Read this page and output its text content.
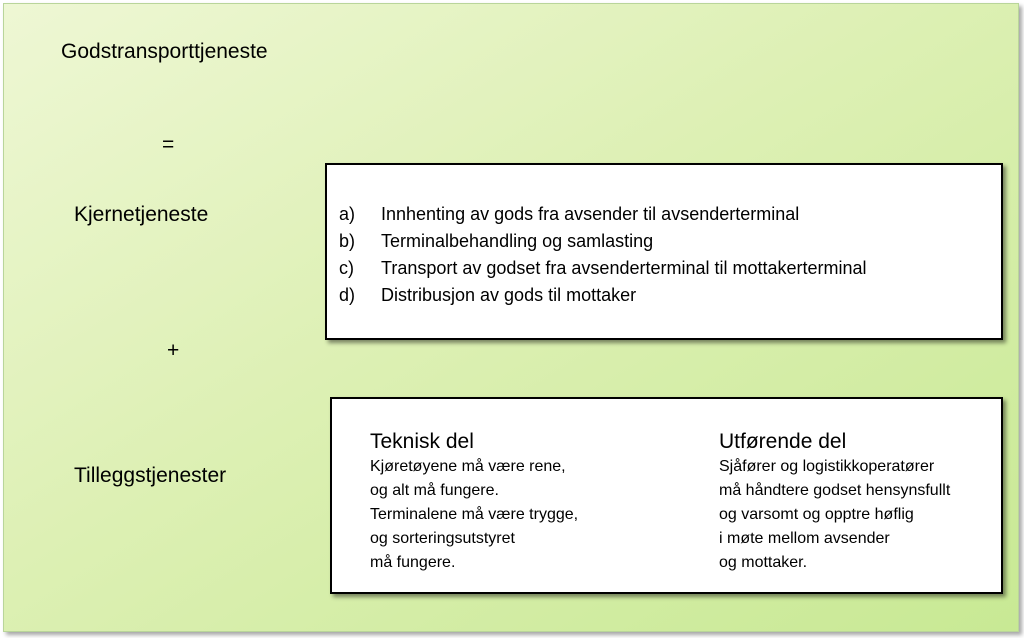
Godstransporttjeneste
=
Kjernetjeneste
+
Tilleggstjenester
a) Innhenting av gods fra avsender til avsenderterminal
b) Terminalbehandling og samlasting
c) Transport av godset fra avsenderterminal til mottakerterminal
d) Distribusjon av gods til mottaker
Teknisk del
Kjøretøyene må være rene,
og alt må fungere.
Terminalene må være trygge,
og sorteringsutstyret
må fungere.
Utførende del
Sjåfører og logistikkoperatører
må håndtere godset hensynsfullt
og varsomt og opptre høflig
i møte mellom avsender
og mottaker.
